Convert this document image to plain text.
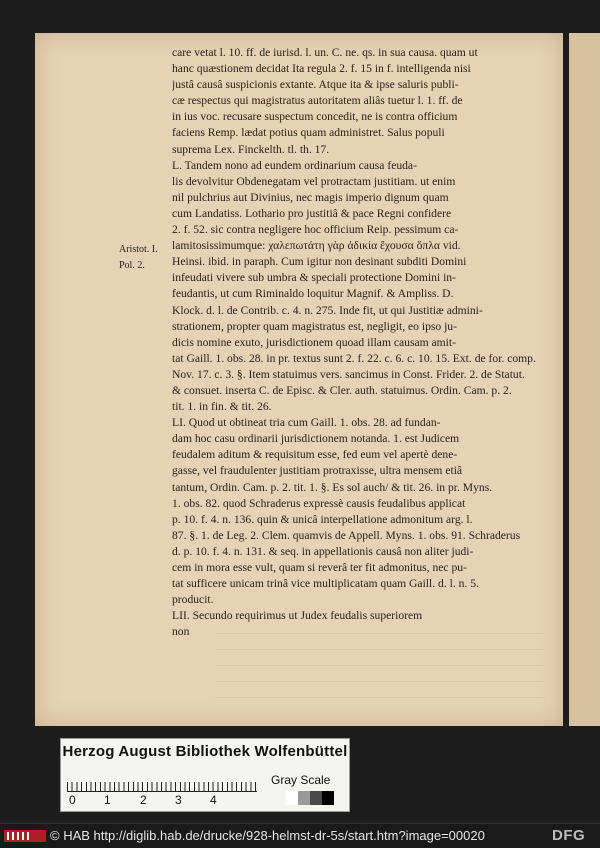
Aristot. I.
Pol. 2.
care vetat l. 10. ff. de iurisd. l. un. C. ne. qs. in sua causa. quam ut
hanc quæstionem decidat Ita regula 2. f. 15 in f. intelligenda nisi
justâ causâ suspicionis extante. Atque ita & ipse saluris publi-
cæ respectus qui magistratus autoritatem aliâs tuetur l. 1. ff. de
in ius voc. recusare suspectum concedit, ne is contra officium
faciens Remp. lædat potius quam administret. Salus populi
suprema Lex. Finckelth. tl. th. 17.
L. Tandem nono ad eundem ordinarium causa feuda-
lis devolvitur Obdenegatam vel protractam justitiam. ut enim
nil pulchrius aut Divinius, nec magis imperio dignum quam
cum Landatiss. Lothario pro justitiâ & pace Regni confidere
2. f. 52. sic contra negligere hoc officium Reip. pessimum ca-
lamitosissimumque: χαλεπωτάτη γὰρ ἀδικία ἔχουσα ὅπλα vid.
Heinsi. ibid. in paraph. Cum igitur non desinant subditi Domini
infeudati vivere sub umbra & speciali protectione Domini in-
feudantis, ut cum Riminaldo loquitur Magnif. & Ampliss. D.
Klock. d. l. de Contrib. c. 4. n. 275. Inde fit, ut qui Justitiæ admini-
strationem, propter quam magistratus est, negligit, eo ipso ju-
dicis nomine exuto, jurisdictionem quoad illam causam amit-
tat Gaill. 1. obs. 28. in pr. textus sunt 2. f. 22. c. 6. c. 10. 15. Ext. de for. comp.
Nov. 17. c. 3. §. Item statuimus vers. sancimus in Const. Frider. 2. de Statut.
& consuet. inserta C. de Episc. & Cler. auth. statuimus. Ordin. Cam. p. 2.
tit. 1. in fin. & tit. 26.
LI. Quod ut obtineat tria cum Gaill. 1. obs. 28. ad fundan-
dam hoc casu ordinarii jurisdictionem notanda. 1. est Judicem
feudalem aditum & requisitum esse, fed eum vel apertè dene-
gasse, vel fraudulenter justitiam protraxisse, ultra mensem etiâ
tantum, Ordin. Cam. p. 2. tit. 1. §. Es sol auch/ & tit. 26. in pr. Myns.
1. obs. 82. quod Schraderus expressè causis feudalibus applicat
p. 10. f. 4. n. 136. quin & unicâ interpellatione admonitum arg. l.
87. §. 1. de Leg. 2. Clem. quamvis de Appell. Myns. 1. obs. 91. Schraderus
d. p. 10. f. 4. n. 131. & seq. in appellationis causâ non aliter judi-
cem in mora esse vult, quam si reverâ ter fit admonitus, nec pu-
tat sufficere unicam trinâ vice multiplicatam quam Gaill. d. l. n. 5.
producit.
LII. Secundo requirimus ut Judex feudalis superiorem
non
Herzog August Bibliothek Wolfenbüttel
0 1 2 3 4
Gray Scale
© HAB http://diglib.hab.de/drucke/928-helmst-dr-5s/start.htm?image=00020	DFG
